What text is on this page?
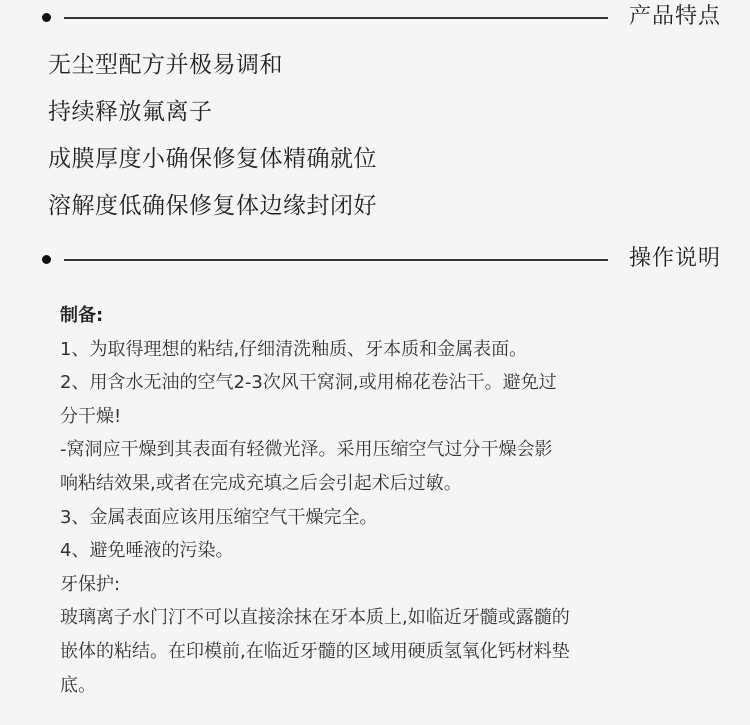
产品特点
无尘型配方并极易调和
持续释放氟离子
成膜厚度小确保修复体精确就位
溶解度低确保修复体边缘封闭好
操作说明
制备:
1、为取得理想的粘结,仔细清洗釉质、牙本质和金属表面。
2、用含水无油的空气2-3次风干窝洞,或用棉花卷沾干。避免过
分干燥!
-窝洞应干燥到其表面有轻微光泽。采用压缩空气过分干燥会影
响粘结效果,或者在完成充填之后会引起术后过敏。
3、金属表面应该用压缩空气干燥完全。
4、避免唾液的污染。
牙保护:
玻璃离子水门汀不可以直接涂抹在牙本质上,如临近牙髓或露髓的
嵌体的粘结。在印模前,在临近牙髓的区域用硬质氢氧化钙材料垫
底。
